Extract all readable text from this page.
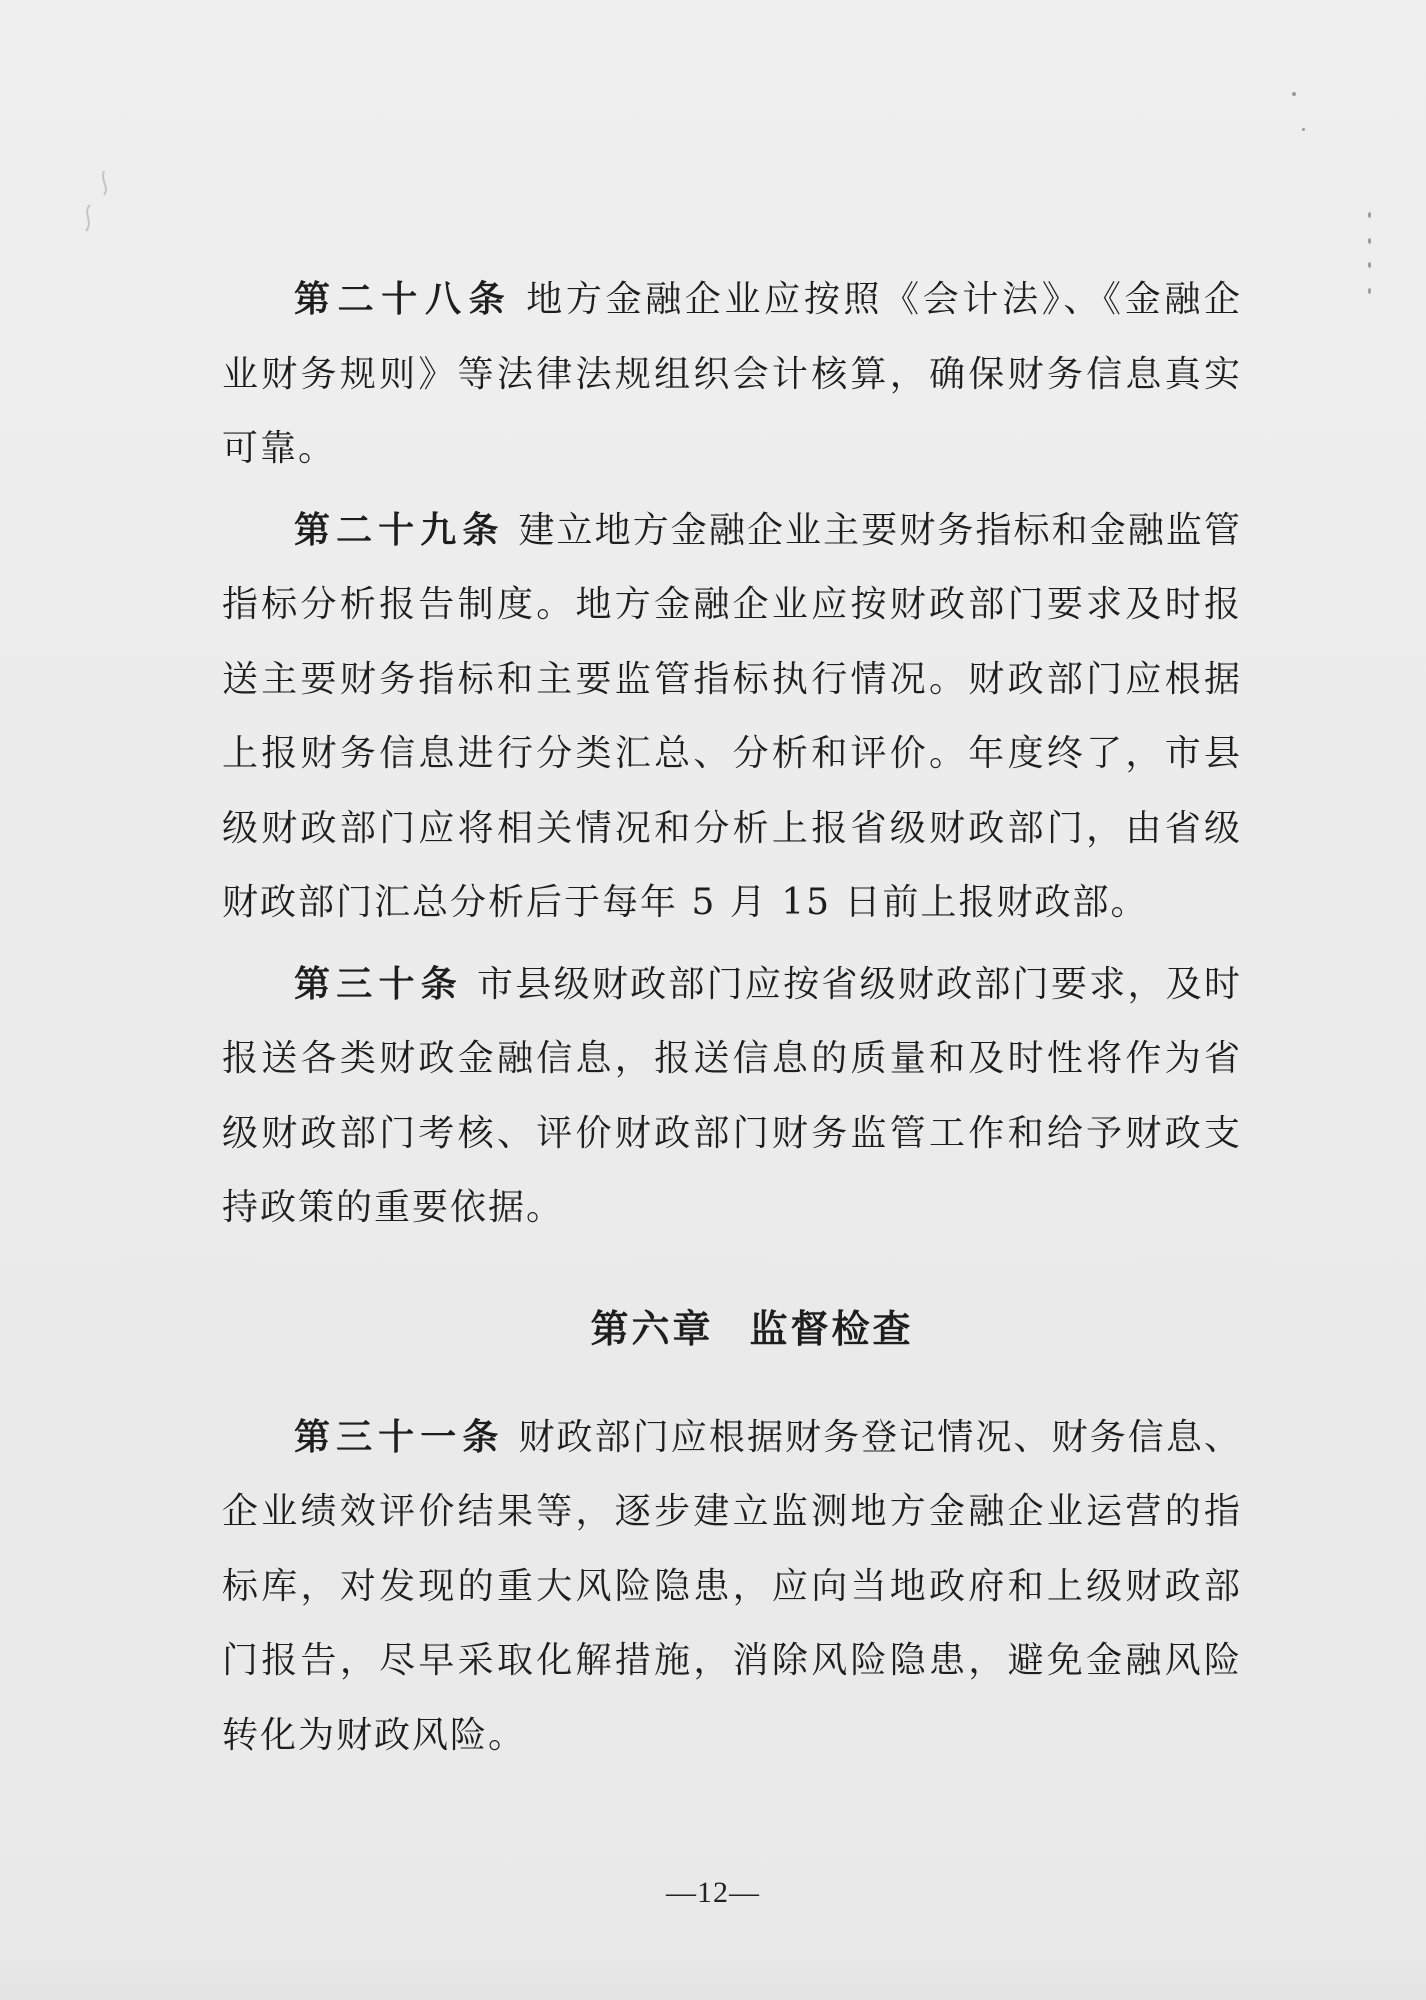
第二十八条 地方金融企业应按照《会计法》、《金融企业财务规则》等法律法规组织会计核算，确保财务信息真实可靠。

第二十九条 建立地方金融企业主要财务指标和金融监管指标分析报告制度。地方金融企业应按财政部门要求及时报送主要财务指标和主要监管指标执行情况。财政部门应根据上报财务信息进行分类汇总、分析和评价。年度终了，市县级财政部门应将相关情况和分析上报省级财政部门，由省级财政部门汇总分析后于每年 5 月 15 日前上报财政部。

第三十条 市县级财政部门应按省级财政部门要求，及时报送各类财政金融信息，报送信息的质量和及时性将作为省级财政部门考核、评价财政部门财务监管工作和给予财政支持政策的重要依据。

第六章 监督检查

第三十一条 财政部门应根据财务登记情况、财务信息、企业绩效评价结果等，逐步建立监测地方金融企业运营的指标库，对发现的重大风险隐患，应向当地政府和上级财政部门报告，尽早采取化解措施，消除风险隐患，避免金融风险转化为财政风险。

—12—
